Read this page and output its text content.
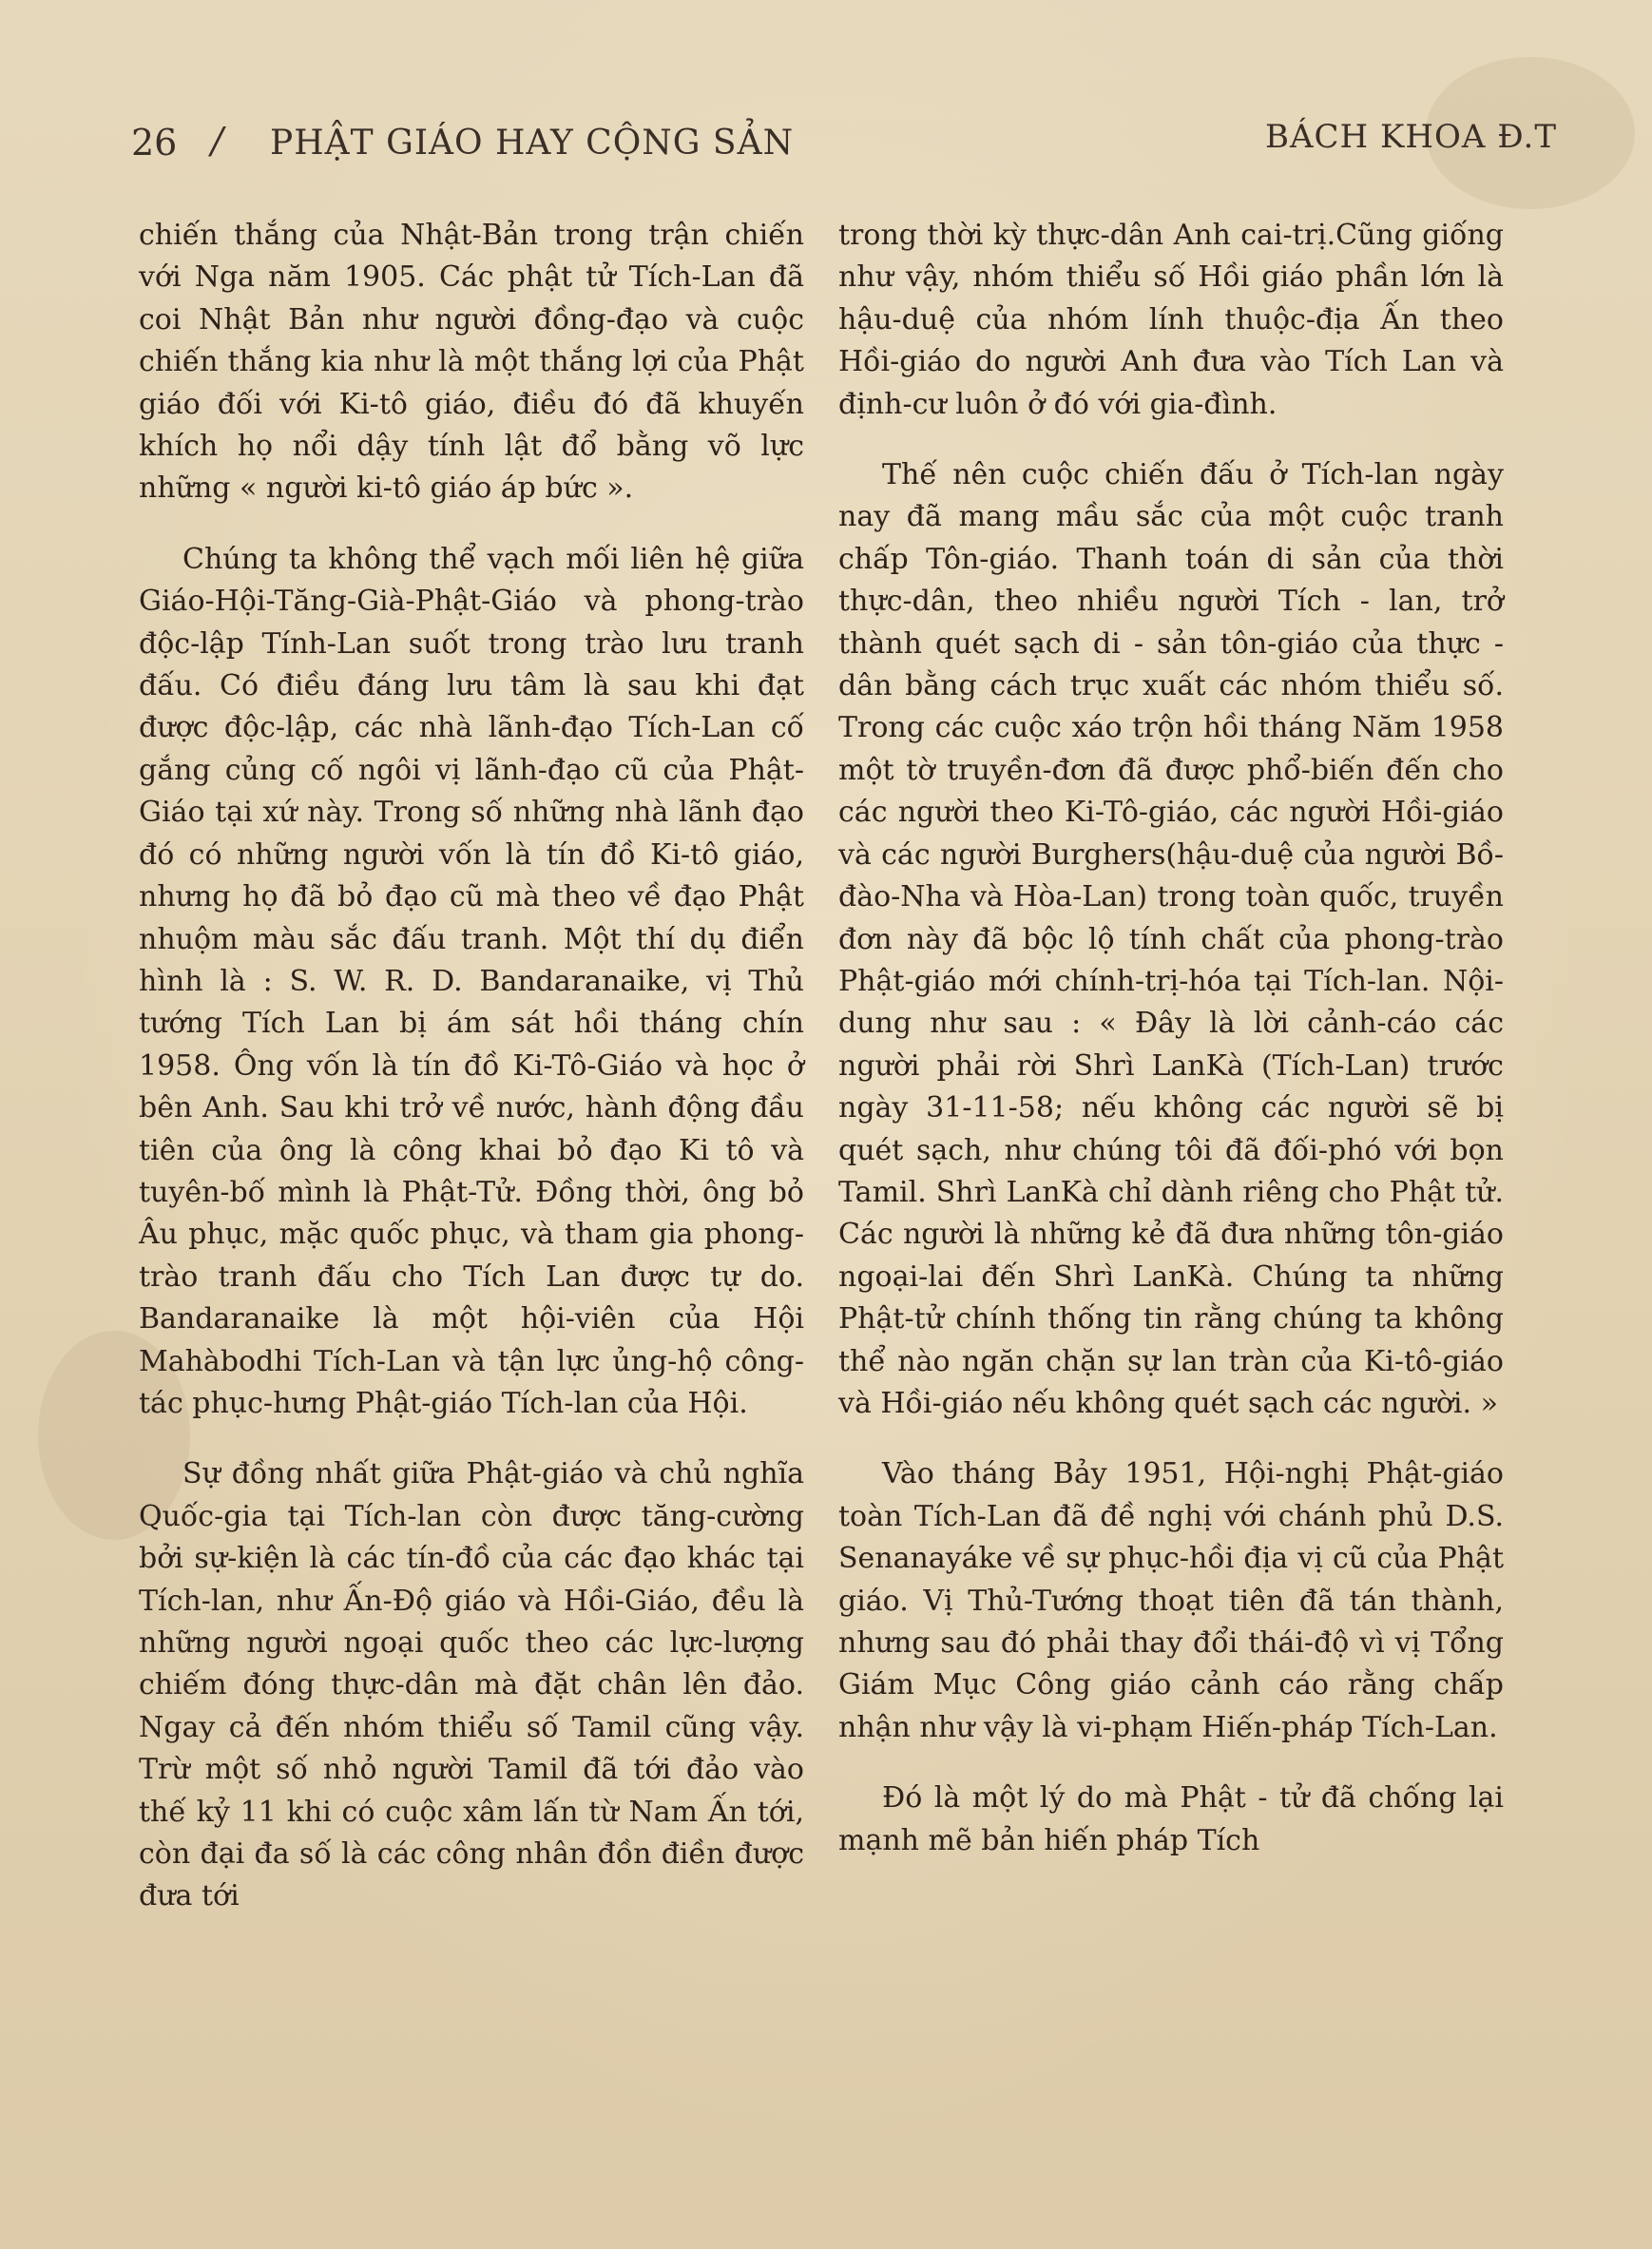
26 / PHẬT GIÁO HAY CỘNG SẢN	BÁCH KHOA Đ.T

chiến thắng của Nhật-Bản trong trận chiến với Nga năm 1905. Các phật tử Tích-Lan đã coi Nhật Bản như người đồng-đạo và cuộc chiến thắng kia như là một thắng lợi của Phật giáo đối với Ki-tô giáo, điều đó đã khuyến khích họ nổi dậy tính lật đổ bằng võ lực những « người ki-tô giáo áp bức ».

Chúng ta không thể vạch mối liên hệ giữa Giáo-Hội-Tăng-Già-Phật-Giáo và phong-trào độc-lập Tính-Lan suốt trong trào lưu tranh đấu. Có điều đáng lưu tâm là sau khi đạt được độc-lập, các nhà lãnh-đạo Tích-Lan cố gắng củng cố ngôi vị lãnh-đạo cũ của Phật-Giáo tại xứ này. Trong số những nhà lãnh đạo đó có những người vốn là tín đồ Ki-tô giáo, nhưng họ đã bỏ đạo cũ mà theo về đạo Phật nhuộm màu sắc đấu tranh. Một thí dụ điển hình là : S. W. R. D. Bandaranaike, vị Thủ tướng Tích Lan bị ám sát hồi tháng chín 1958. Ông vốn là tín đồ Ki-Tô-Giáo và học ở bên Anh. Sau khi trở về nước, hành động đầu tiên của ông là công khai bỏ đạo Ki tô và tuyên-bố mình là Phật-Tử. Đồng thời, ông bỏ Âu phục, mặc quốc phục, và tham gia phong-trào tranh đấu cho Tích Lan được tự do. Bandaranaike là một hội-viên của Hội Mahàbodhi Tích-Lan và tận lực ủng-hộ công-tác phục-hưng Phật-giáo Tích-lan của Hội.

Sự đồng nhất giữa Phật-giáo và chủ nghĩa Quốc-gia tại Tích-lan còn được tăng-cường bởi sự-kiện là các tín-đồ của các đạo khác tại Tích-lan, như Ấn-Độ giáo và Hồi-Giáo, đều là những người ngoại quốc theo các lực-lượng chiếm đóng thực-dân mà đặt chân lên đảo. Ngay cả đến nhóm thiểu số Tamil cũng vậy. Trừ một số nhỏ người Tamil đã tới đảo vào thế kỷ 11 khi có cuộc xâm lấn từ Nam Ấn tới, còn đại đa số là các công nhân đồn điền được đưa tới

trong thời kỳ thực-dân Anh cai-trị.Cũng giống như vậy, nhóm thiểu số Hồi giáo phần lớn là hậu-duệ của nhóm lính thuộc-địa Ấn theo Hồi-giáo do người Anh đưa vào Tích Lan và định-cư luôn ở đó với gia-đình.

Thế nên cuộc chiến đấu ở Tích-lan ngày nay đã mang mầu sắc của một cuộc tranh chấp Tôn-giáo. Thanh toán di sản của thời thực-dân, theo nhiều người Tích - lan, trở thành quét sạch di - sản tôn-giáo của thực - dân bằng cách trục xuất các nhóm thiểu số. Trong các cuộc xáo trộn hồi tháng Năm 1958 một tờ truyền-đơn đã được phổ-biến đến cho các người theo Ki-Tô-giáo, các người Hồi-giáo và các người Burghers(hậu-duệ của người Bồ-đào-Nha và Hòa-Lan) trong toàn quốc, truyền đơn này đã bộc lộ tính chất của phong-trào Phật-giáo mới chính-trị-hóa tại Tích-lan. Nội-dung như sau : « Đây là lời cảnh-cáo các người phải rời Shrì LanKà (Tích-Lan) trước ngày 31-11-58; nếu không các người sẽ bị quét sạch, như chúng tôi đã đối-phó với bọn Tamil. Shrì LanKà chỉ dành riêng cho Phật tử. Các người là những kẻ đã đưa những tôn-giáo ngoại-lai đến Shrì LanKà. Chúng ta những Phật-tử chính thống tin rằng chúng ta không thể nào ngăn chặn sự lan tràn của Ki-tô-giáo và Hồi-giáo nếu không quét sạch các người. »

Vào tháng Bảy 1951, Hội-nghị Phật-giáo toàn Tích-Lan đã đề nghị với chánh phủ D.S. Senanayáke về sự phục-hồi địa vị cũ của Phật giáo. Vị Thủ-Tướng thoạt tiên đã tán thành, nhưng sau đó phải thay đổi thái-độ vì vị Tổng Giám Mục Công giáo cảnh cáo rằng chấp nhận như vậy là vi-phạm Hiến-pháp Tích-Lan.

Đó là một lý do mà Phật - tử đã chống lại mạnh mẽ bản hiến pháp Tích
